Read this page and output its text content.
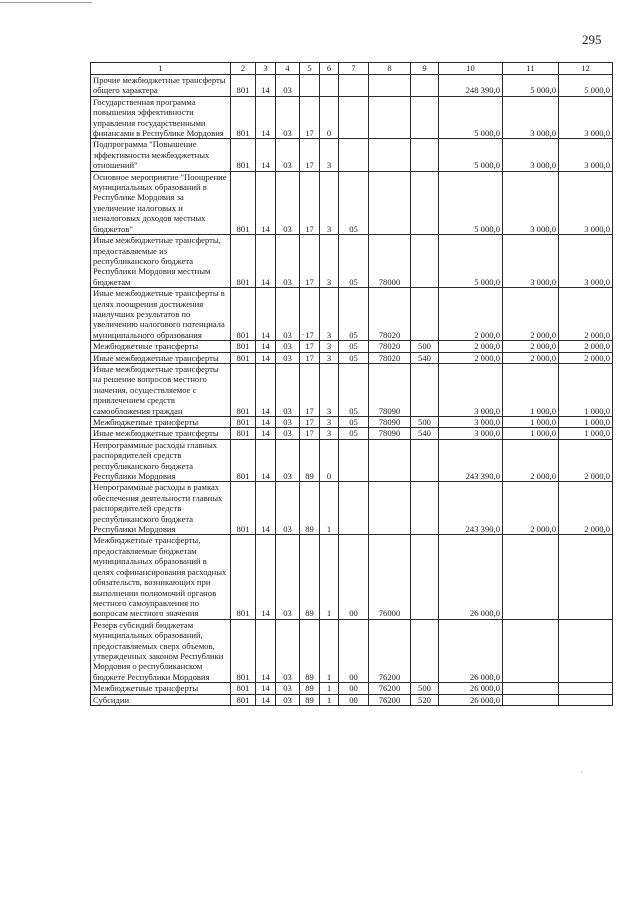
295
1	2	3	4	5	6	7	8	9	10	11	12
Прочие межбюджетные трансферты общего характера	801	14	03						248 390,0	5 000,0	5 000,0
Государственная программа повышения эффективности управления государственными финансами в Республике Мордовия	801	14	03	17	0				5 000,0	3 000,0	3 000,0
Подпрограмма "Повышение эффективности межбюджетных отношений"	801	14	03	17	3				5 000,0	3 000,0	3 000,0
Основное мероприятие "Поощрение муниципальных образований в Республике Мордовия за увеличение налоговых и неналоговых доходов местных бюджетов"	801	14	03	17	3	05			5 000,0	3 000,0	3 000,0
Иные межбюджетные трансферты, предоставляемые из республиканского бюджета Республики Мордовия местным бюджетам	801	14	03	17	3	05	78000		5 000,0	3 000,0	3 000,0
Иные межбюджетные трансферты в целях поощрения достижения наилучших результатов по увеличению налогового потенциала муниципального образования	801	14	03	17	3	05	78020		2 000,0	2 000,0	2 000,0
Межбюджетные трансферты	801	14	03	17	3	05	78020	500	2 000,0	2 000,0	2 000,0
Иные межбюджетные трансферты	801	14	03	17	3	05	78020	540	2 000,0	2 000,0	2 000,0
Иные межбюджетные трансферты на решение вопросов местного значения, осуществляемое с привлечением средств самообложения граждан	801	14	03	17	3	05	78090		3 000,0	1 000,0	1 000,0
Межбюджетные трансферты	801	14	03	17	3	05	78090	500	3 000,0	1 000,0	1 000,0
Иные межбюджетные трансферты	801	14	03	17	3	05	78090	540	3 000,0	1 000,0	1 000,0
Непрограммные расходы главных распорядителей средств республиканского бюджета Республики Мордовия	801	14	03	89	0				243 390,0	2 000,0	2 000,0
Непрограммные расходы в рамках обеспечения деятельности главных распорядителей средств республиканского бюджета Республики Мордовия	801	14	03	89	1				243 390,0	2 000,0	2 000,0
Межбюджетные трансферты, предоставляемые бюджетам муниципальных образований в целях софинансирования расходных обязательств, возникающих при выполнении полномочий органов местного самоуправления по вопросам местного значения	801	14	03	89	1	00	76000		26 000,0		
Резерв субсидий бюджетам муниципальных образований, предоставляемых сверх объемов, утвержденных законом Республики Мордовия о республиканском бюджете Республики Мордовия	801	14	03	89	1	00	76200		26 000,0		
Межбюджетные трансферты	801	14	03	89	1	00	76200	500	26 000,0		
Субсидии	801	14	03	89	1	00	76200	520	26 000,0		
-
·
